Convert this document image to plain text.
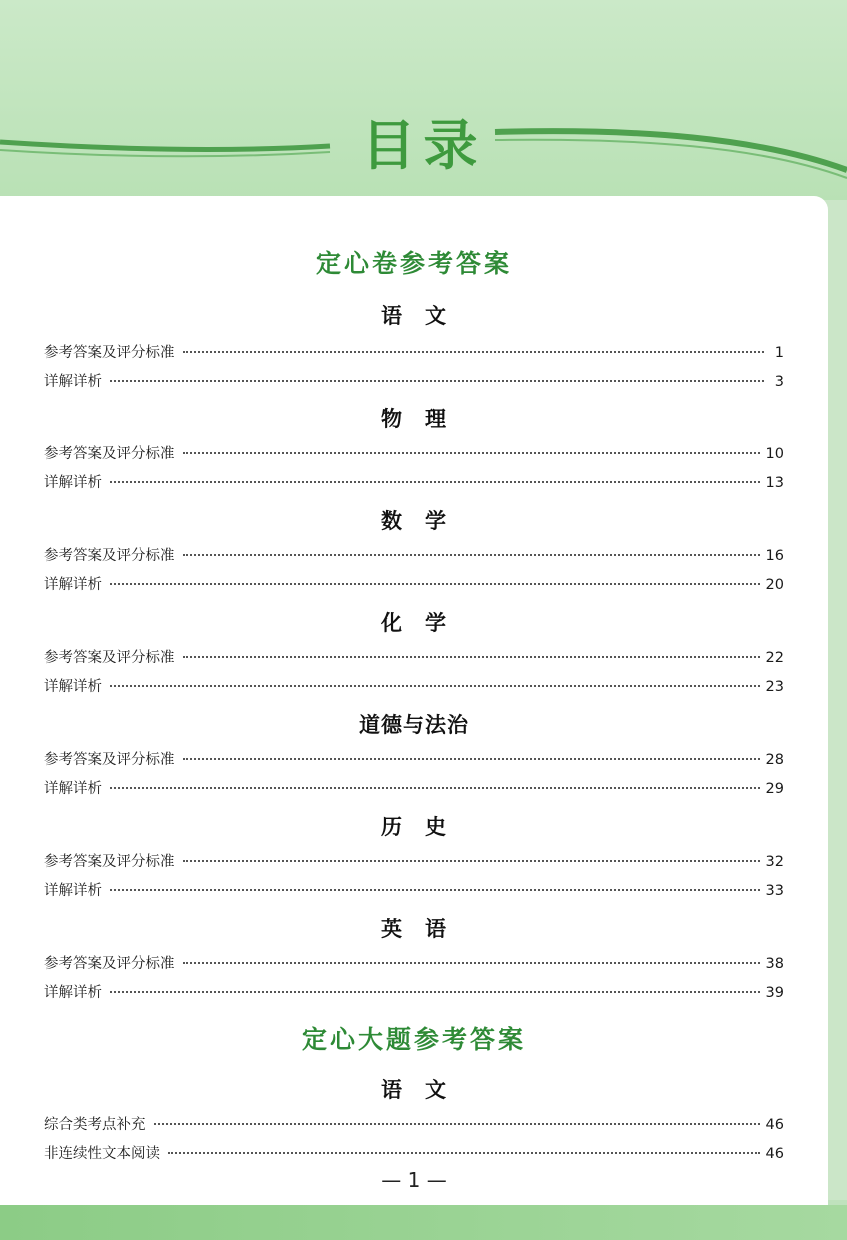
目录
定心卷参考答案
语　文
参考答案及评分标准	1
详解详析	3
物　理
参考答案及评分标准	10
详解详析	13
数　学
参考答案及评分标准	16
详解详析	20
化　学
参考答案及评分标准	22
详解详析	23
道德与法治
参考答案及评分标准	28
详解详析	29
历　史
参考答案及评分标准	32
详解详析	33
英　语
参考答案及评分标准	38
详解详析	39
定心大题参考答案
语　文
综合类考点补充	46
非连续性文本阅读	46
— 1 —
